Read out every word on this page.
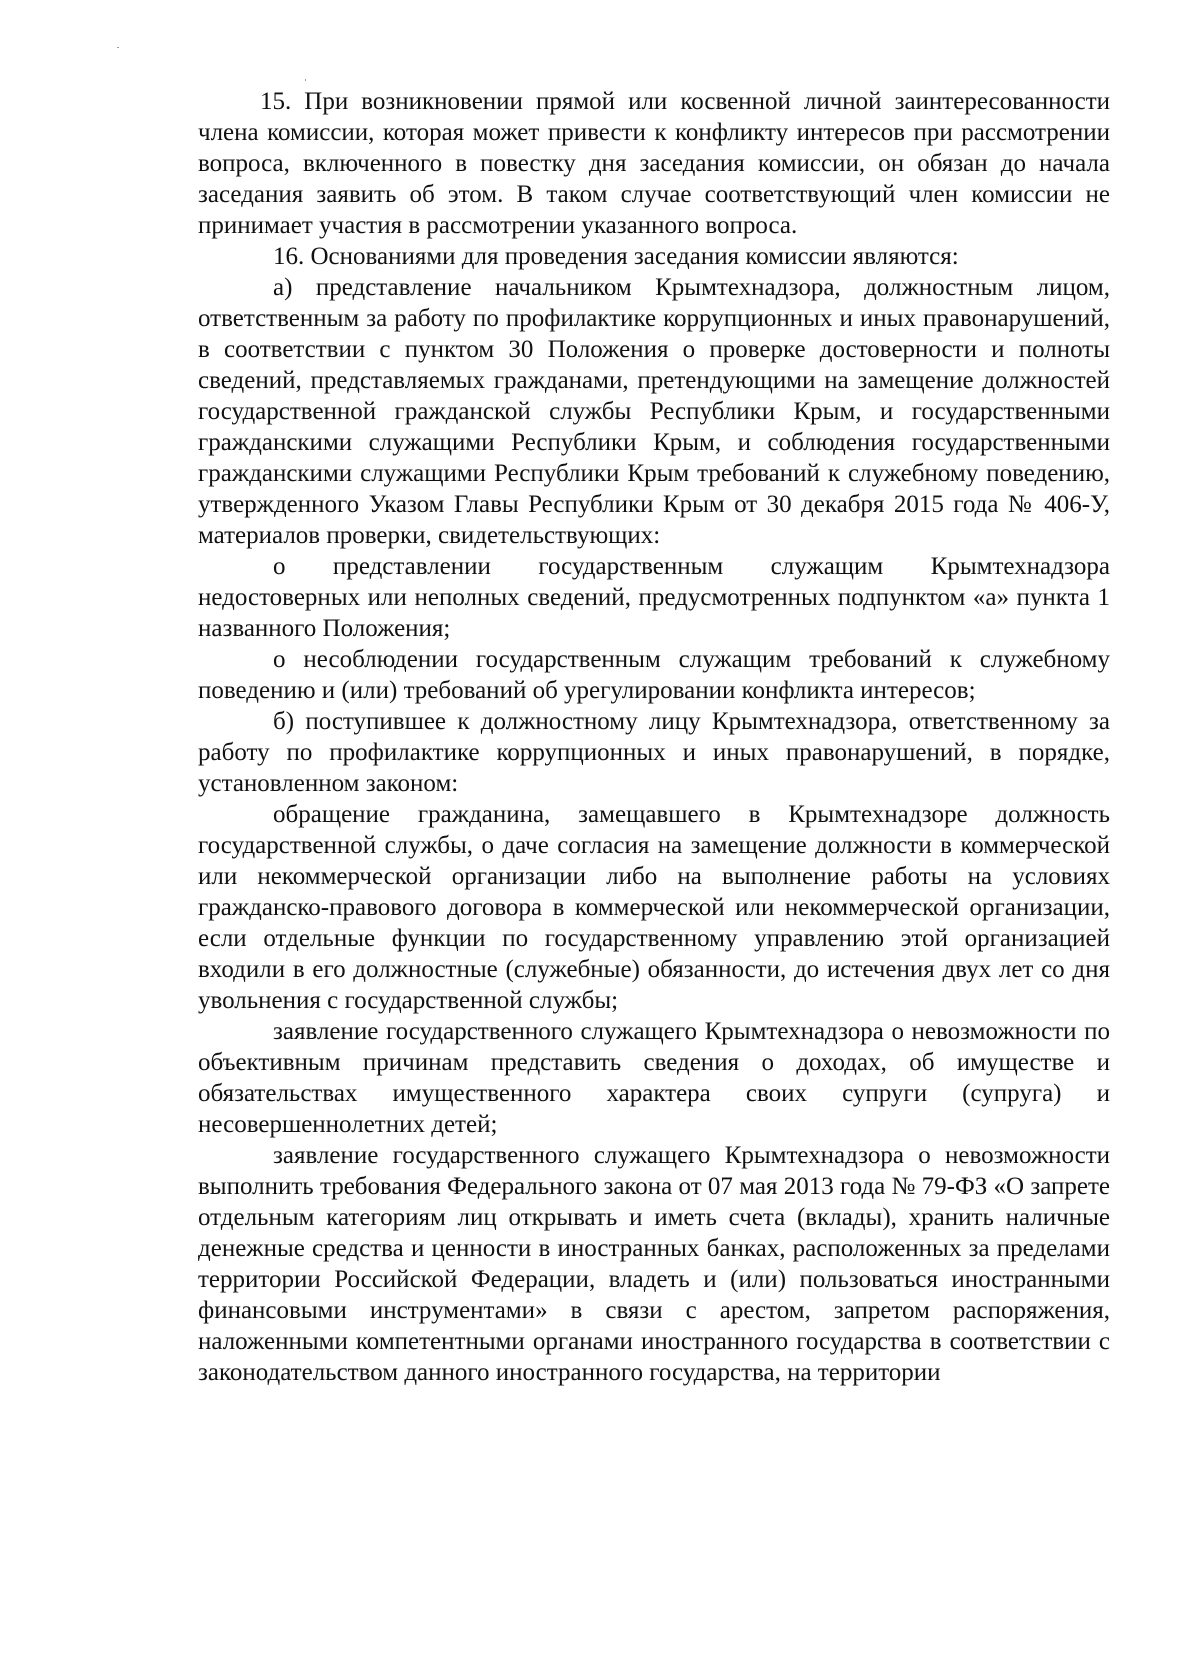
15. При возникновении прямой или косвенной личной заинтересованности члена комиссии, которая может привести к конфликту интересов при рассмотрении вопроса, включенного в повестку дня заседания комиссии, он обязан до начала заседания заявить об этом. В таком случае соответствующий член комиссии не принимает участия в рассмотрении указанного вопроса.

16. Основаниями для проведения заседания комиссии являются:

а) представление начальником Крымтехнадзора, должностным лицом, ответственным за работу по профилактике коррупционных и иных правонарушений, в соответствии с пунктом 30 Положения о проверке достоверности и полноты сведений, представляемых гражданами, претендующими на замещение должностей государственной гражданской службы Республики Крым, и государственными гражданскими служащими Республики Крым, и соблюдения государственными гражданскими служащими Республики Крым требований к служебному поведению, утвержденного Указом Главы Республики Крым от 30 декабря 2015 года № 406-У, материалов проверки, свидетельствующих:

о представлении государственным служащим Крымтехнадзора недостоверных или неполных сведений, предусмотренных подпунктом «а» пункта 1 названного Положения;

о несоблюдении государственным служащим требований к служебному поведению и (или) требований об урегулировании конфликта интересов;

б) поступившее к должностному лицу Крымтехнадзора, ответственному за работу по профилактике коррупционных и иных правонарушений, в порядке, установленном законом:

обращение гражданина, замещавшего в Крымтехнадзоре должность государственной службы, о даче согласия на замещение должности в коммерческой или некоммерческой организации либо на выполнение работы на условиях гражданско-правового договора в коммерческой или некоммерческой организации, если отдельные функции по государственному управлению этой организацией входили в его должностные (служебные) обязанности, до истечения двух лет со дня увольнения с государственной службы;

заявление государственного служащего Крымтехнадзора о невозможности по объективным причинам представить сведения о доходах, об имуществе и обязательствах имущественного характера своих супруги (супруга) и несовершеннолетних детей;

заявление государственного служащего Крымтехнадзора о невозможности выполнить требования Федерального закона от 07 мая 2013 года № 79-ФЗ «О запрете отдельным категориям лиц открывать и иметь счета (вклады), хранить наличные денежные средства и ценности в иностранных банках, расположенных за пределами территории Российской Федерации, владеть и (или) пользоваться иностранными финансовыми инструментами» в связи с арестом, запретом распоряжения, наложенными компетентными органами иностранного государства в соответствии с законодательством данного иностранного государства, на территории
